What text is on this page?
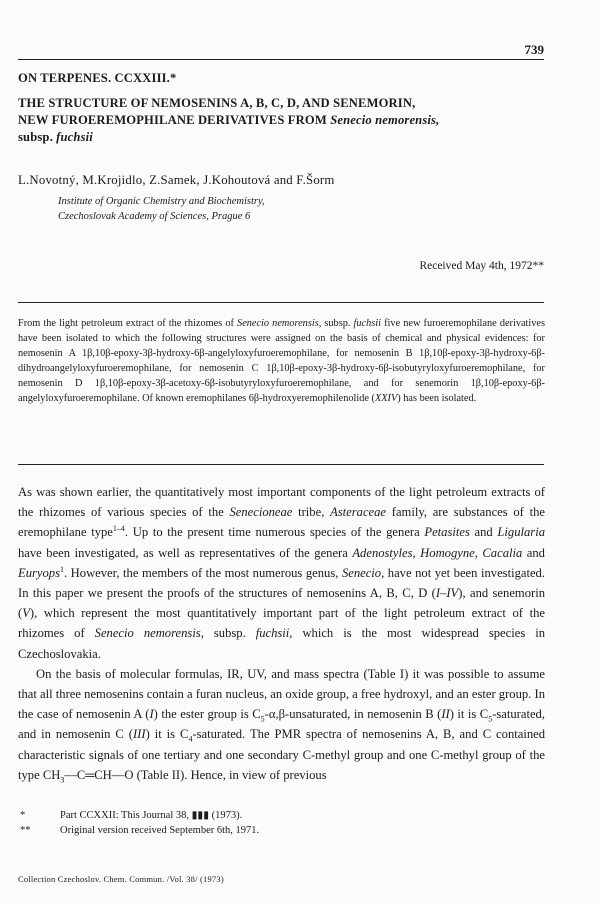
739
ON TERPENES. CCXXIII.*
THE STRUCTURE OF NEMOSENINS A, B, C, D, AND SENEMORIN,
NEW FUROEREMOPHILANE DERIVATIVES FROM Senecio nemorensis,
subsp. fuchsii
L.Novotný, M.Krojidlo, Z.Samek, J.Kohoutová and F.Šorm
Institute of Organic Chemistry and Biochemistry,
Czechoslovak Academy of Sciences, Prague 6
Received May 4th, 1972**
From the light petroleum extract of the rhizomes of Senecio nemorensis, subsp. fuchsii five new furoeremophilane derivatives have been isolated to which the following structures were assigned on the basis of chemical and physical evidences: for nemosenin A 1β,10β-epoxy-3β-hydroxy-6β-angelyloxyfuroeremophilane, for nemosenin B 1β,10β-epoxy-3β-hydroxy-6β-dihydroangelyloxyfuroeremophilane, for nemosenin C 1β,10β-epoxy-3β-hydroxy-6β-isobutyryloxyfuroeremophilane, for nemosenin D 1β,10β-epoxy-3β-acetoxy-6β-isobutyryloxyfuroeremophilane, and for senemorin 1β,10β-epoxy-6β-angelyloxyfuroeremophilane. Of known eremophilanes 6β-hydroxyeremophilenolide (XXIV) has been isolated.

As was shown earlier, the quantitatively most important components of the light petroleum extracts of the rhizomes of various species of the Senecioneae tribe, Asteraceae family, are substances of the eremophilane type$^{1-4}$. Up to the present time numerous species of the genera Petasites and Ligularia have been investigated, as well as representatives of the genera Adenostyles, Homogyne, Cacalia and Euryops$^1$. However, the members of the most numerous genus, Senecio, have not yet been investigated. In this paper we present the proofs of the structures of nemosenins A, B, C, D (I–IV), and senemorin (V), which represent the most quantitatively important part of the light petroleum extract of the rhizomes of Senecio nemorensis, subsp. fuchsii, which is the most widespread species in Czechoslovakia.

On the basis of molecular formulas, IR, UV, and mass spectra (Table I) it was possible to assume that all three nemosenins contain a furan nucleus, an oxide group, a free hydroxyl, and an ester group. In the case of nemosenin A (I) the ester group is $C_5-\alpha,\beta$-unsaturated, in nemosenin B (II) it is $C_5$-saturated, and in nemosenin C (III) it is $C_4$-saturated. The PMR spectra of nemosenins A, B, and C contained characteristic signals of one tertiary and one secondary C-methyl group and one C-methyl group of the type $CH_3—C═CH—O$ (Table II). Hence, in view of previous

*	Part CCXXII: This Journal 38, ▮▮▮ (1973).
**	Original version received September 6th, 1971.
Collection Czechoslov. Chem. Commun. /Vol. 38/ (1973)
